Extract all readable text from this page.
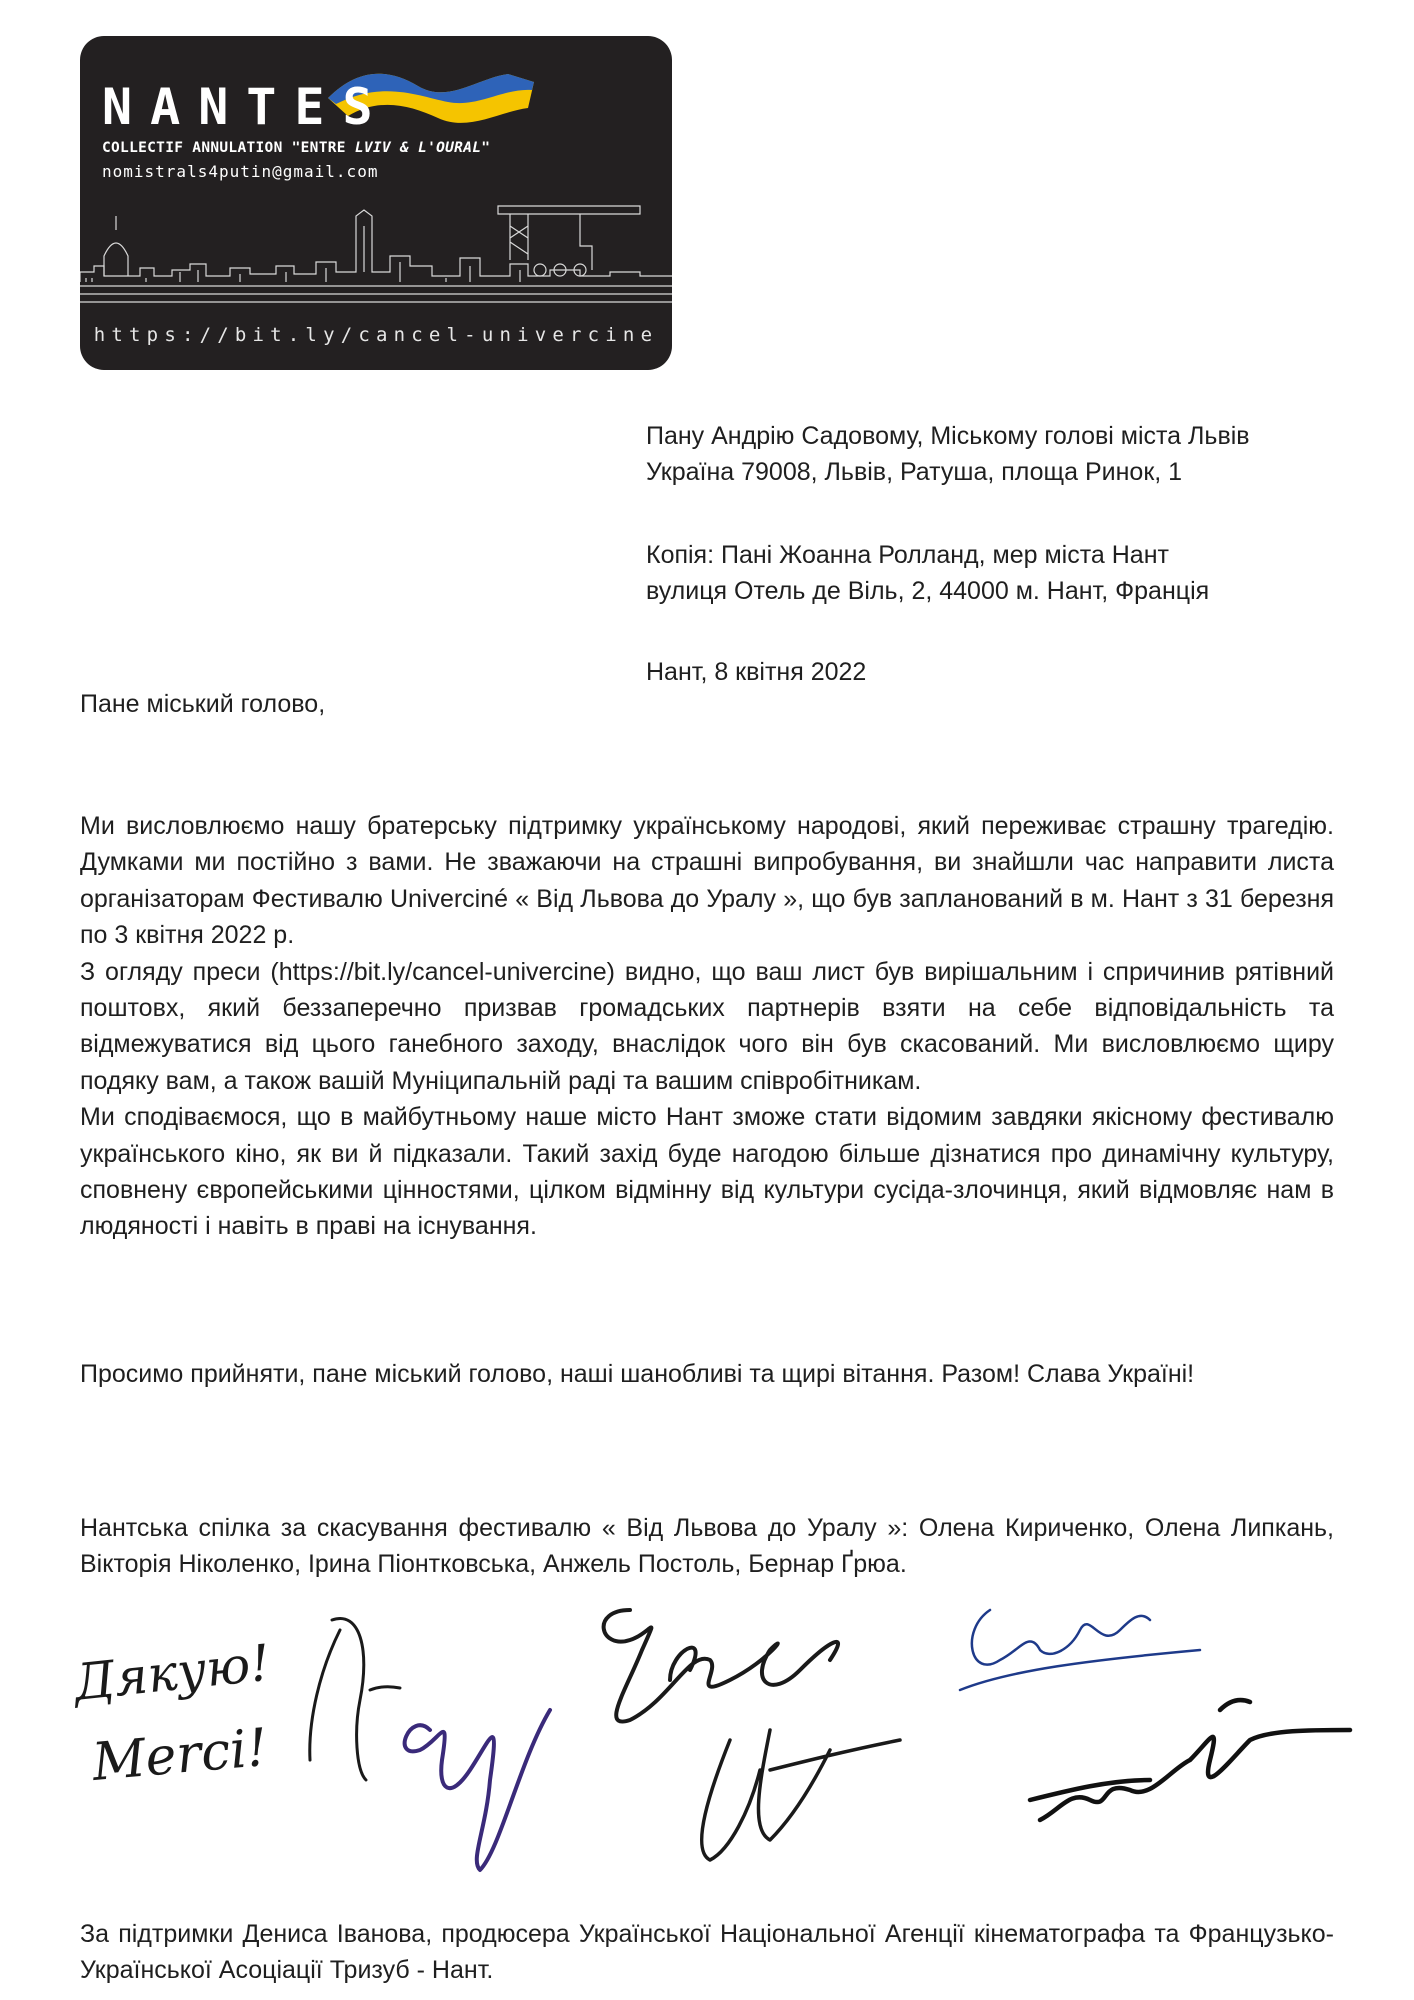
NANTES
COLLECTIF ANNULATION "ENTRE LVIV & L'OURAL"
nomistrals4putin@gmail.com
https://bit.ly/cancel-univercine
Пану Андрію Садовому, Міському голові міста Львів
Україна 79008, Львів, Ратуша, площа Ринок, 1
Копія: Пані Жоанна Ролланд, мер міста Нант
вулиця Отель де Віль, 2, 44000 м. Нант, Франція
Нант, 8 квітня 2022
Пане міський голово,

Ми висловлюємо нашу братерську підтримку українському народові, який переживає страшну трагедію. Думками ми постійно з вами. Не зважаючи на страшні випробування, ви знайшли час направити листа організаторам Фестивалю Univerciné « Від Львова до Уралу », що був запланований в м. Нант з 31 березня по 3 квітня 2022 р.

З огляду преси (https://bit.ly/cancel-univercine) видно, що ваш лист був вирішальним і спричинив рятівний поштовх, який беззаперечно призвав громадських партнерів взяти на себе відповідальність та відмежуватися від цього ганебного заходу, внаслідок чого він був скасований. Ми висловлюємо щиру подяку вам, а також вашій Муніципальній раді та вашим співробітникам.

Ми сподіваємося, що в майбутньому наше місто Нант зможе стати відомим завдяки якісному фестивалю українського кіно, як ви й підказали. Такий захід буде нагодою більше дізнатися про динамічну культуру, сповнену європейськими цінностями, цілком відмінну від культури сусіда-злочинця, який відмовляє нам в людяності і навіть в праві на існування.

Просимо прийняти, пане міський голово, наші шанобливі та щирі вітання. Разом! Слава Україні!
Нантська спілка за скасування фестивалю « Від Львова до Уралу »: Олена Кириченко, Олена Липкань, Вікторія Ніколенко, Ірина Піонтковська, Анжель Постоль, Бернар Ґрюа.
Дякую!
Merci!
За підтримки Дениса Іванова, продюсера Української Національної Агенції кінематографа та Французько-Української Асоціації Тризуб - Нант.
